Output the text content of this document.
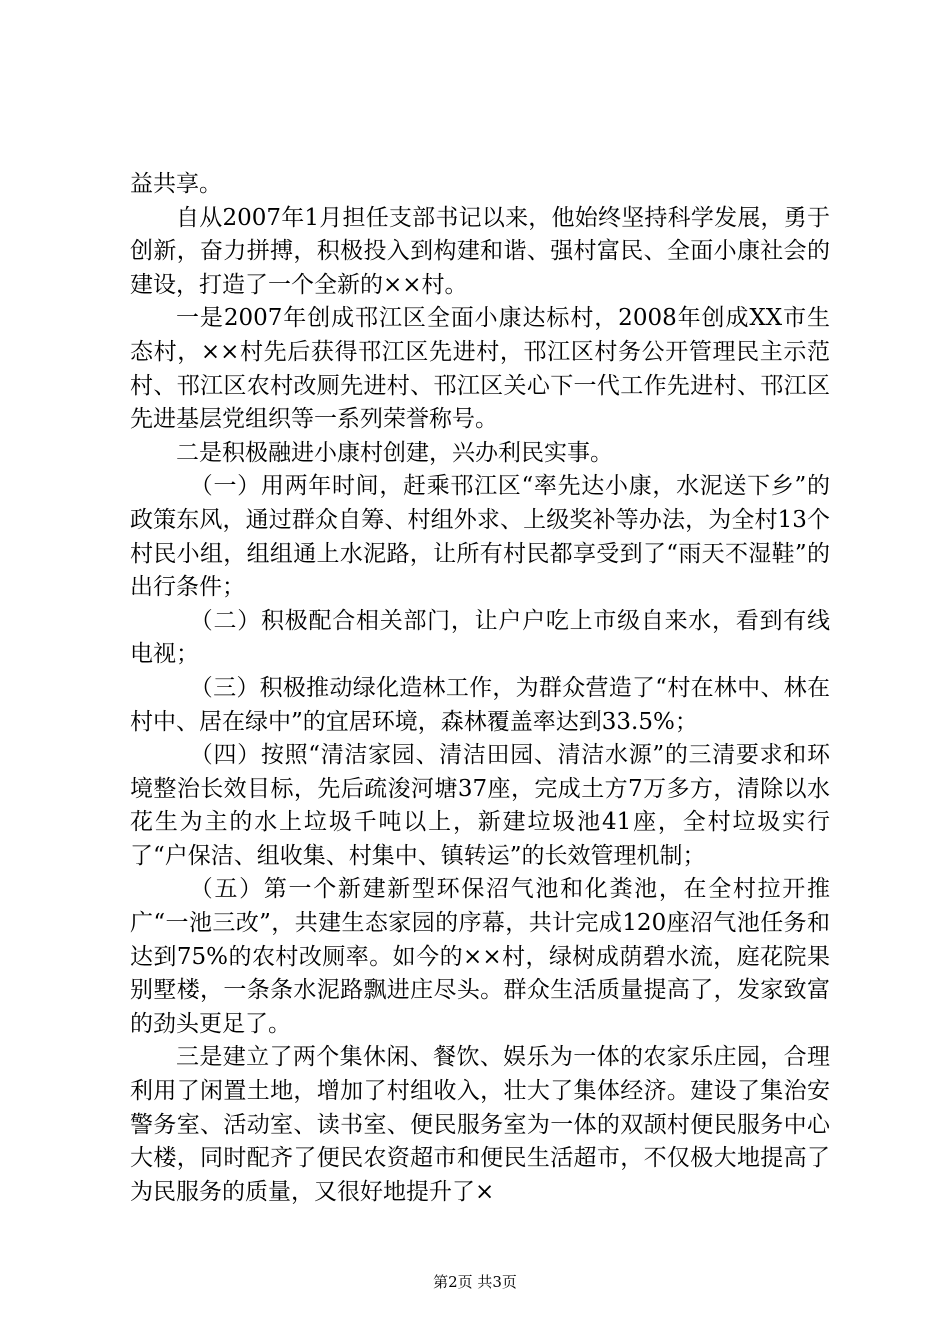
益共享。

自从2007年1月担任支部书记以来，他始终坚持科学发展，勇于创新，奋力拼搏，积极投入到构建和谐、强村富民、全面小康社会的建设，打造了一个全新的××村。

一是2007年创成邗江区全面小康达标村，2008年创成XX市生态村，××村先后获得邗江区先进村，邗江区村务公开管理民主示范村、邗江区农村改厕先进村、邗江区关心下一代工作先进村、邗江区先进基层党组织等一系列荣誉称号。

二是积极融进小康村创建，兴办利民实事。

（一）用两年时间，赶乘邗江区“率先达小康，水泥送下乡”的政策东风，通过群众自筹、村组外求、上级奖补等办法，为全村13个村民小组，组组通上水泥路，让所有村民都享受到了“雨天不湿鞋”的出行条件；

（二）积极配合相关部门，让户户吃上市级自来水，看到有线电视；

（三）积极推动绿化造林工作，为群众营造了“村在林中、林在村中、居在绿中”的宜居环境，森林覆盖率达到33.5%；

（四）按照“清洁家园、清洁田园、清洁水源”的三清要求和环境整治长效目标，先后疏浚河塘37座，完成土方7万多方，清除以水花生为主的水上垃圾千吨以上，新建垃圾池41座，全村垃圾实行了“户保洁、组收集、村集中、镇转运”的长效管理机制；

（五）第一个新建新型环保沼气池和化粪池，在全村拉开推广“一池三改”，共建生态家园的序幕，共计完成120座沼气池任务和达到75%的农村改厕率。如今的××村，绿树成荫碧水流，庭花院果别墅楼，一条条水泥路飘进庄尽头。群众生活质量提高了，发家致富的劲头更足了。

三是建立了两个集休闲、餐饮、娱乐为一体的农家乐庄园，合理利用了闲置土地，增加了村组收入，壮大了集体经济。建设了集治安警务室、活动室、读书室、便民服务室为一体的双颉村便民服务中心大楼，同时配齐了便民农资超市和便民生活超市，不仅极大地提高了为民服务的质量，又很好地提升了×

第2页 共3页
